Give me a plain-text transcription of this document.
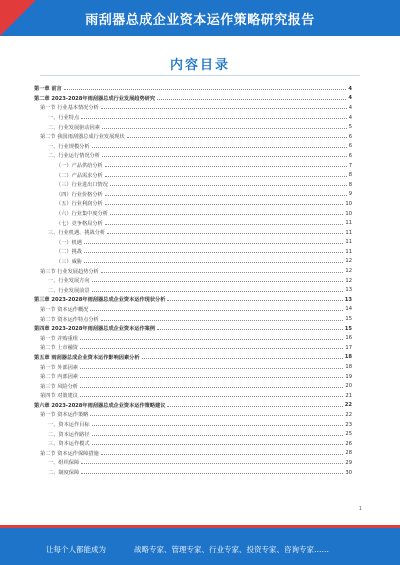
雨刮器总成企业资本运作策略研究报告
内容目录
第一章 前言	4
第二章 2023-2028年雨刮器总成行业发展趋势研究	4
第一节 行业基本情况分析	4
一、行业特点	4
二、行业发展驱动因素	5
第二节 我国雨刮器总成行业发展现状	6
一、行业规模分析	6
二、行业运行情况分析	6
（一）产品供给分析	7
（二）产品需求分析	8
（三）行业进出口情况	8
（四）行业价格分析	9
（五）行业利润分析	10
（六）行业集中度分析	10
（七）竞争格局分析	11
三、行业机遇、挑战分析	11
（一）机遇	11
（二）挑战	11
（三）威胁	12
第三节 行业发展趋势分析	12
一、行业发展方向	12
二、行业发展前景	13
第三章 2023-2028年雨刮器总成企业资本运作现状分析	13
第一节 资本运作概况	14
第二节 资本运作特点分析	15
第四章 2023-2028年雨刮器总成企业资本运作案例	15
第一节 并购重组	16
第二节 上市融资	17
第五章 雨刮器总成企业资本运作影响因素分析	18
第一节 外部因素	18
第二节 内部因素	19
第三节 风险分析	20
第四节 对策建议	21
第六章 2023-2028年雨刮器总成企业资本运作策略建议	22
第一节 资本运作策略	22
一、资本运作目标	23
二、资本运作路径	25
三、资本运作模式	26
第二节 资本运作保障措施	28
一、组织保障	29
二、制度保障	30
1
让每个人都能成为	战略专家、管理专家、行业专家、投资专家、咨询专家……
